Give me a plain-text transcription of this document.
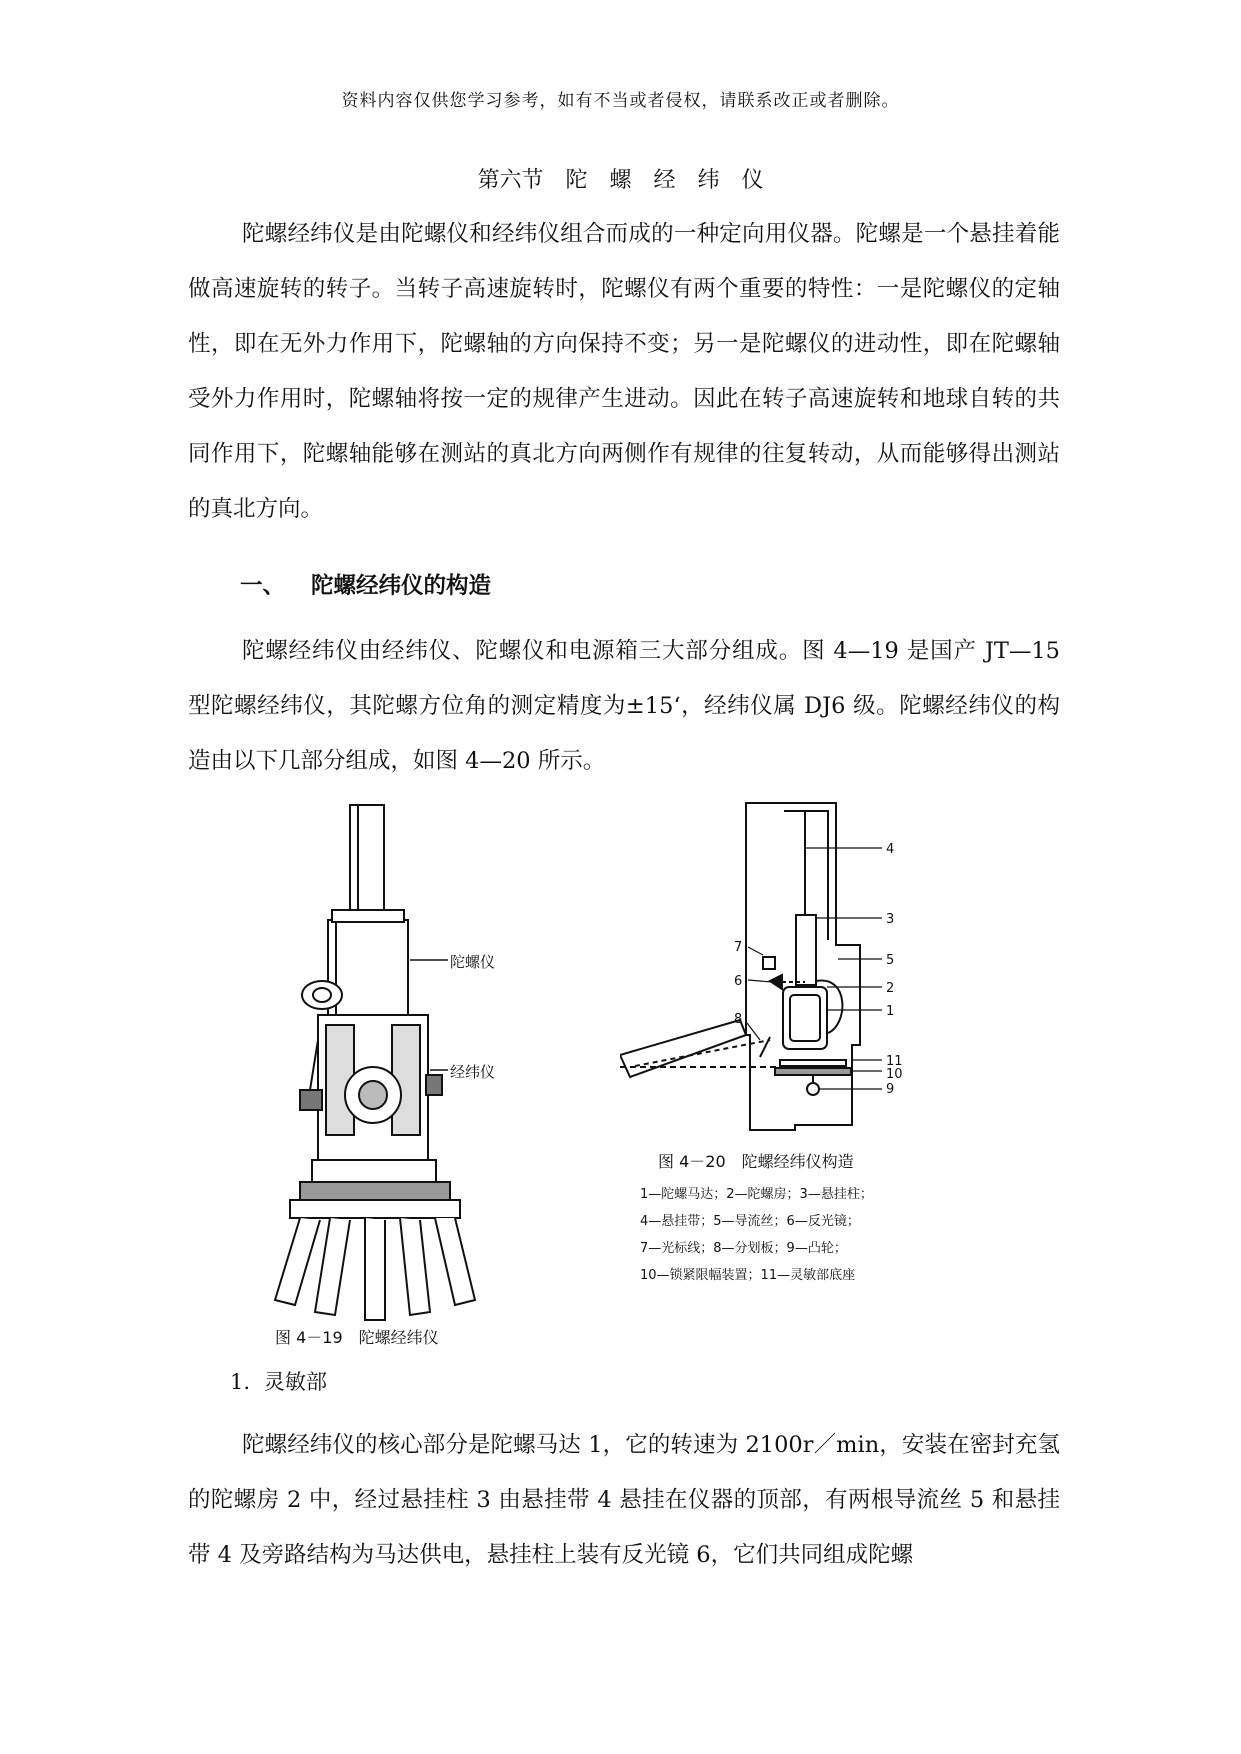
资料内容仅供您学习参考，如有不当或者侵权，请联系改正或者删除。
第六节　陀　螺　经　纬　仪

陀螺经纬仪是由陀螺仪和经纬仪组合而成的一种定向用仪器。陀螺是一个悬挂着能做高速旋转的转子。当转子高速旋转时，陀螺仪有两个重要的特性：一是陀螺仪的定轴性，即在无外力作用下，陀螺轴的方向保持不变；另一是陀螺仪的进动性，即在陀螺轴受外力作用时，陀螺轴将按一定的规律产生进动。因此在转子高速旋转和地球自转的共同作用下，陀螺轴能够在测站的真北方向两侧作有规律的往复转动，从而能够得出测站的真北方向。

一、 陀螺经纬仪的构造

陀螺经纬仪由经纬仪、陀螺仪和电源箱三大部分组成。图 4—19 是国产 JT—15 型陀螺经纬仪，其陀螺方位角的测定精度为±15‘，经纬仪属 DJ6 级。陀螺经纬仪的构造由以下几部分组成，如图 4—20 所示。

陀螺仪
经纬仪
图 4－19　陀螺经纬仪
4
3
5
2
1
11
10
9
7
6
8
图 4－20　陀螺经纬仪构造
1—陀螺马达；2—陀螺房；3—悬挂柱；
4—悬挂带；5—导流丝；6—反光镜；
7—光标线；8—分划板；9—凸轮；
10—锁紧限幅装置；11—灵敏部底座
1. 灵敏部

陀螺经纬仪的核心部分是陀螺马达 1，它的转速为 2100r／min，安装在密封充氢的陀螺房 2 中，经过悬挂柱 3 由悬挂带 4 悬挂在仪器的顶部，有两根导流丝 5 和悬挂带 4 及旁路结构为马达供电，悬挂柱上装有反光镜 6，它们共同组成陀螺
